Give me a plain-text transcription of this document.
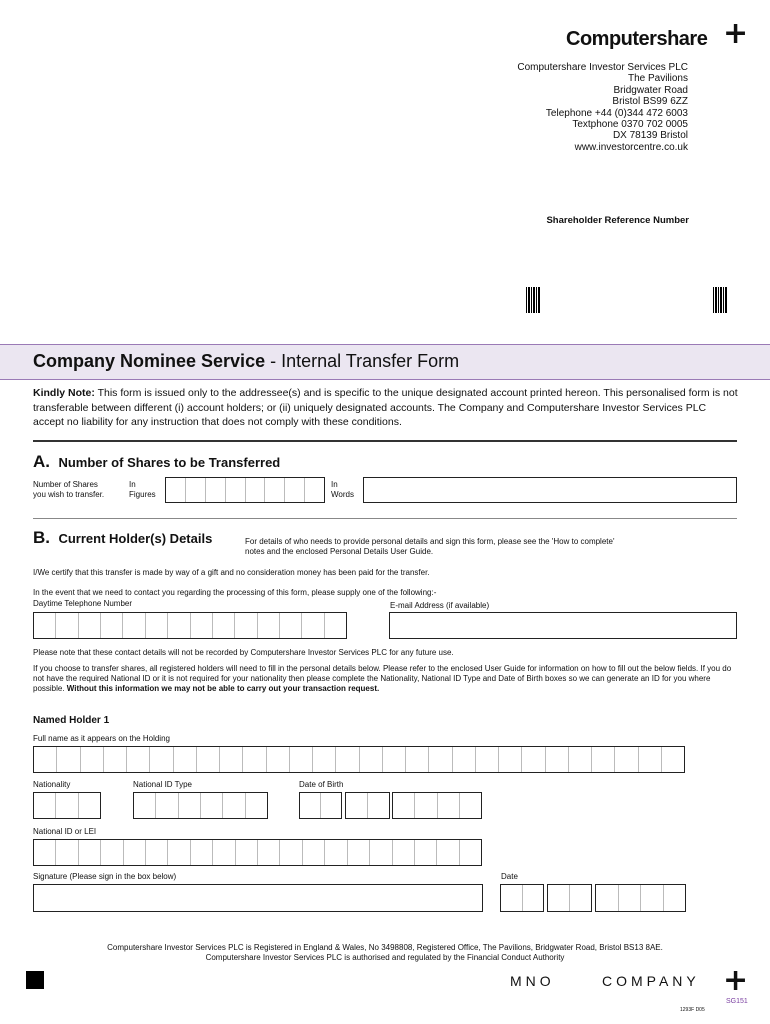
Computershare +
Computershare Investor Services PLC
The Pavilions
Bridgwater Road
Bristol BS99 6ZZ
Telephone +44 (0)344 472 6003
Textphone 0370 702 0005
DX 78139 Bristol
www.investorcentre.co.uk
Shareholder Reference Number
Company Nominee Service - Internal Transfer Form
Kindly Note: This form is issued only to the addressee(s) and is specific to the unique designated account printed hereon. This personalised form is not transferable between different (i) account holders; or (ii) uniquely designated accounts. The Company and Computershare Investor Services PLC accept no liability for any instruction that does not comply with these conditions.
A. Number of Shares to be Transferred
Number of Shares
you wish to transfer.
In
Figures
In
Words
B. Current Holder(s) Details	For details of who needs to provide personal details and sign this form, please see the 'How to complete' notes and the enclosed Personal Details User Guide.
I/We certify that this transfer is made by way of a gift and no consideration money has been paid for the transfer.
In the event that we need to contact you regarding the processing of this form, please supply one of the following:-
Daytime Telephone Number	E-mail Address (if available)
Please note that these contact details will not be recorded by Computershare Investor Services PLC for any future use.
If you choose to transfer shares, all registered holders will need to fill in the personal details below. Please refer to the enclosed User Guide for information on how to fill out the below fields. If you do not have the required National ID or it is not required for your nationality then please complete the Nationality, National ID Type and Date of Birth boxes so we can generate an ID for you where possible. Without this information we may not be able to carry out your transaction request.
Named Holder 1
Full name as it appears on the Holding
Nationality	National ID Type	Date of Birth
National ID or LEI
Signature (Please sign in the box below)	Date
Computershare Investor Services PLC is Registered in England & Wales, No 3498808, Registered Office, The Pavilions, Bridgwater Road, Bristol BS13 8AE.
Computershare Investor Services PLC is authorised and regulated by the Financial Conduct Authority
MNO      COMPANY +
SG151
1293F D05
